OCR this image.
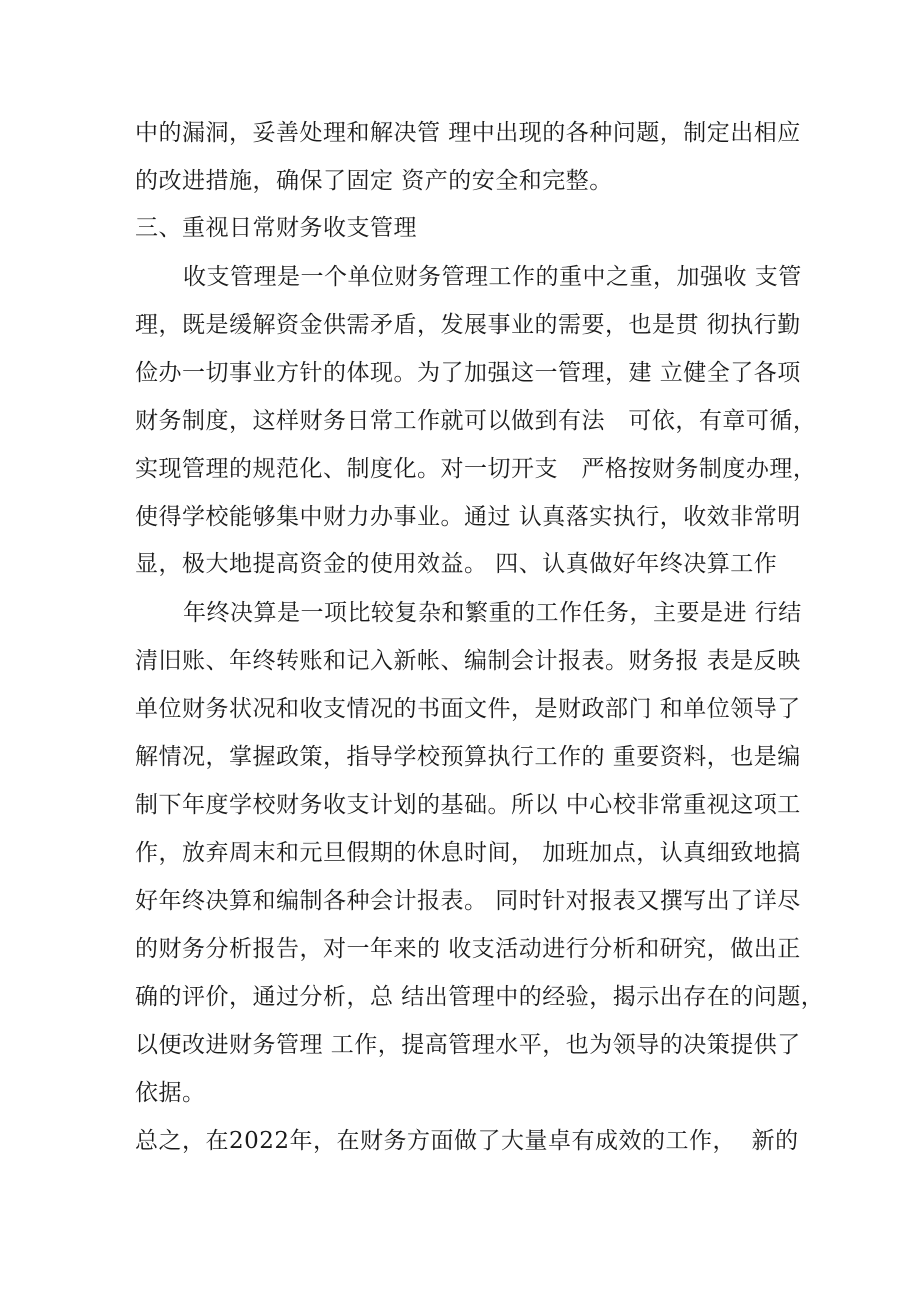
中的漏洞，妥善处理和解决管 理中出现的各种问题，制定出相应

的改进措施，确保了固定 资产的安全和完整。

三、重视日常财务收支管理

收支管理是一个单位财务管理工作的重中之重，加强收 支管

理，既是缓解资金供需矛盾，发展事业的需要，也是贯 彻执行勤

俭办一切事业方针的体现。为了加强这一管理，建 立健全了各项

财务制度，这样财务日常工作就可以做到有法   可依，有章可循，

实现管理的规范化、制度化。对一切开支   严格按财务制度办理，

使得学校能够集中财力办事业。通过 认真落实执行，收效非常明

显，极大地提高资金的使用效益。 四、认真做好年终决算工作

年终决算是一项比较复杂和繁重的工作任务，主要是进 行结

清旧账、年终转账和记入新帐、编制会计报表。财务报 表是反映

单位财务状况和收支情况的书面文件，是财政部门 和单位领导了

解情况，掌握政策，指导学校预算执行工作的 重要资料，也是编

制下年度学校财务收支计划的基础。所以 中心校非常重视这项工

作，放弃周末和元旦假期的休息时间， 加班加点，认真细致地搞

好年终决算和编制各种会计报表。 同时针对报表又撰写出了详尽

的财务分析报告，对一年来的 收支活动进行分析和研究，做出正

确的评价，通过分析，总 结出管理中的经验，揭示出存在的问题，

以便改进财务管理 工作，提高管理水平，也为领导的决策提供了

依据。

总之，在2022年，在财务方面做了大量卓有成效的工作，  新的
